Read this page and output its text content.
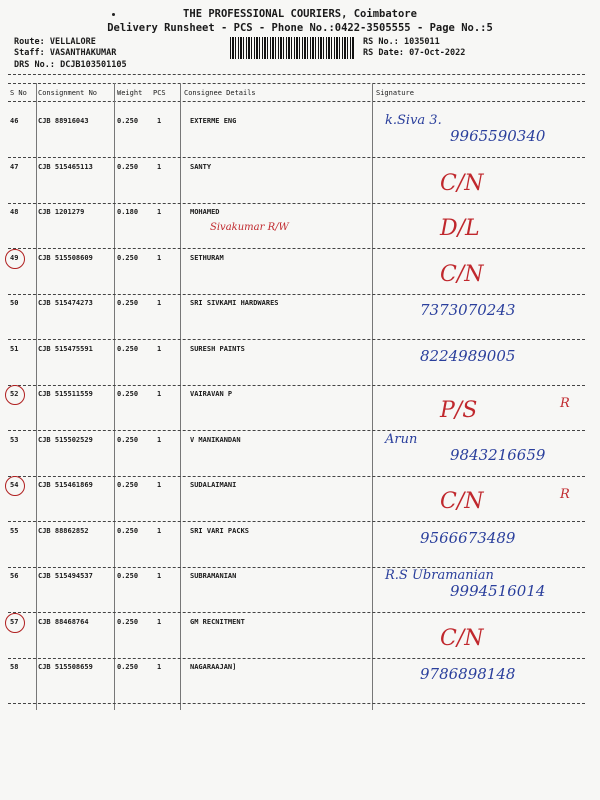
THE PROFESSIONAL COURIERS, Coimbatore
Delivery Runsheet - PCS - Phone No.:0422-3505555 - Page No.:5
Route: VELLALORE
Staff: VASANTHAKUMAR
DRS No.: DCJB103501105
RS No.: 1035011
RS Date: 07-Oct-2022
S No Consignment No	Weight PCS	Consignee Details	Signature
46	CJB 88916043	0.250	1	EXTERME ENG	k.Siva 3.
9965590340
47	CJB 515465113	0.250	1	SANTY
C/N
48	CJB 1201279	0.180	1	MOHAMED
D/L
Sivakumar R/W
49	CJB 515508609	0.250	1	SETHURAM
C/N
50	CJB 515474273	0.250	1	SRI SIVKAMI HARDWARES	7373070243
51	CJB 515475591	0.250	1	SURESH PAINTS	8224989005
52	CJB 515511559	0.250	1	VAIRAVAN P
P/S	R
53	CJB 515502529	0.250	1	V MANIKANDAN	Arun
9843216659
54	CJB 515461869	0.250	1	SUDALAIMANI
C/N	R
55	CJB 88862852	0.250	1	SRI VARI PACKS	9566673489
56	CJB 515494537	0.250	1	SUBRAMANIAN	R.S Ubramanian
9994516014
57	CJB 88468764	0.250	1	GM RECNITMENT
C/N
58	CJB 515508659	0.250	1	NAGARAAJAN]	9786898148
